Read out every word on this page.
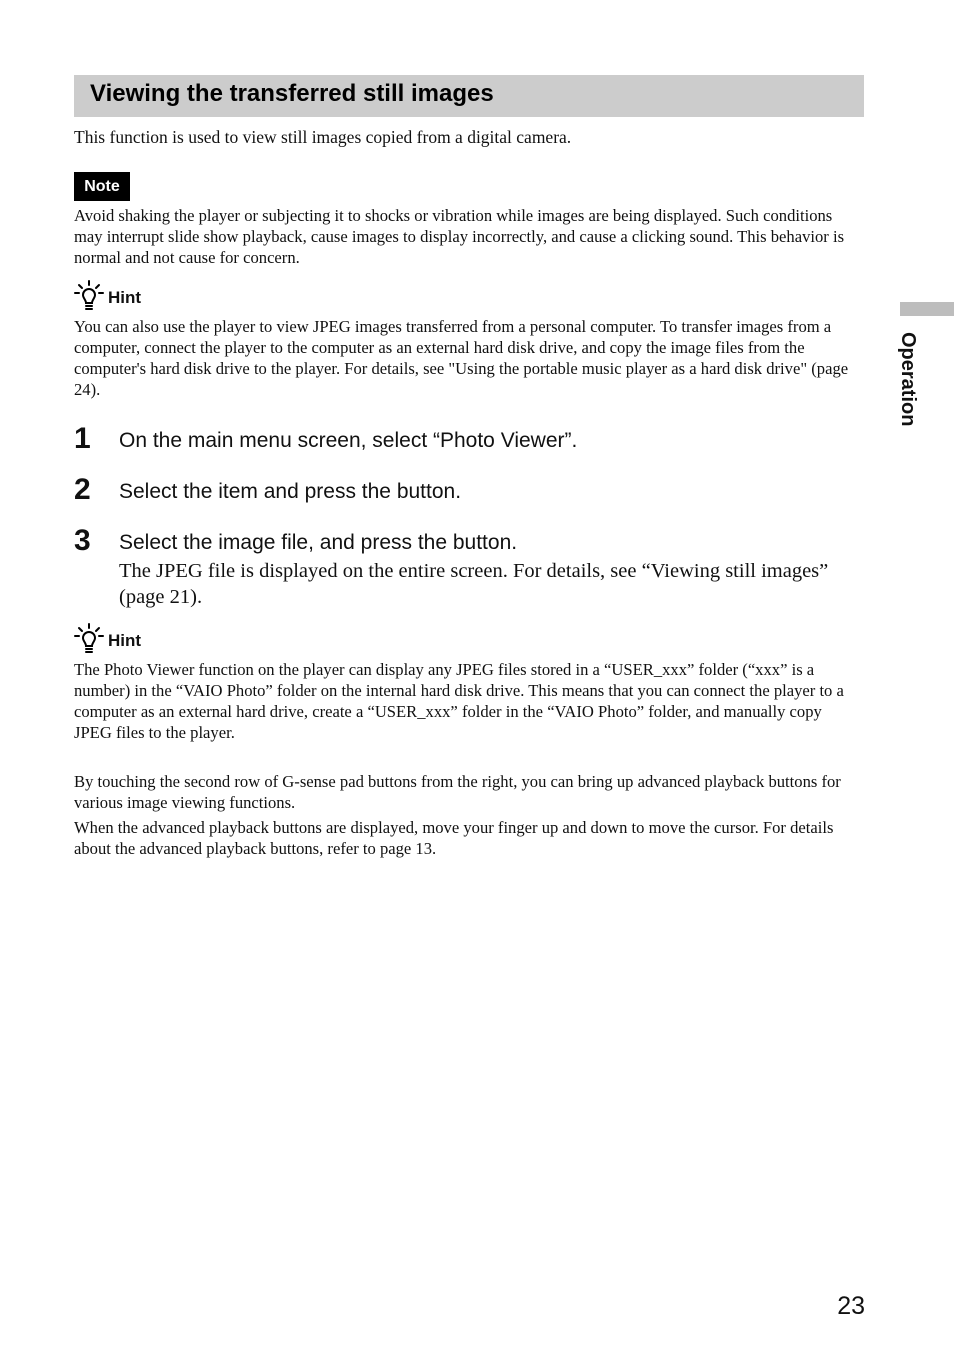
Viewing the transferred still images
This function is used to view still images copied from a digital camera.
Note
Avoid shaking the player or subjecting it to shocks or vibration while images are being displayed. Such conditions may interrupt slide show playback, cause images to display incorrectly, and cause a clicking sound. This behavior is normal and not cause for concern.
Hint
You can also use the player to view JPEG images transferred from a personal computer. To transfer images from a computer, connect the player to the computer as an external hard disk drive, and copy the image files from the computer's hard disk drive to the player. For details, see "Using the portable music player as a hard disk drive" (page 24).
1 On the main menu screen, select “Photo Viewer”.
2 Select the item and press the button.
3 Select the image file, and press the button.
The JPEG file is displayed on the entire screen. For details, see “Viewing still images” (page 21).
Hint
The Photo Viewer function on the player can display any JPEG files stored in a “USER_xxx” folder (“xxx” is a number) in the “VAIO Photo” folder on the internal hard disk drive. This means that you can connect the player to a computer as an external hard drive, create a “USER_xxx” folder in the “VAIO Photo” folder, and manually copy JPEG files to the player.
By touching the second row of G-sense pad buttons from the right, you can bring up advanced playback buttons for various image viewing functions.
When the advanced playback buttons are displayed, move your finger up and down to move the cursor. For details about the advanced playback buttons, refer to page 13.
Operation
23
